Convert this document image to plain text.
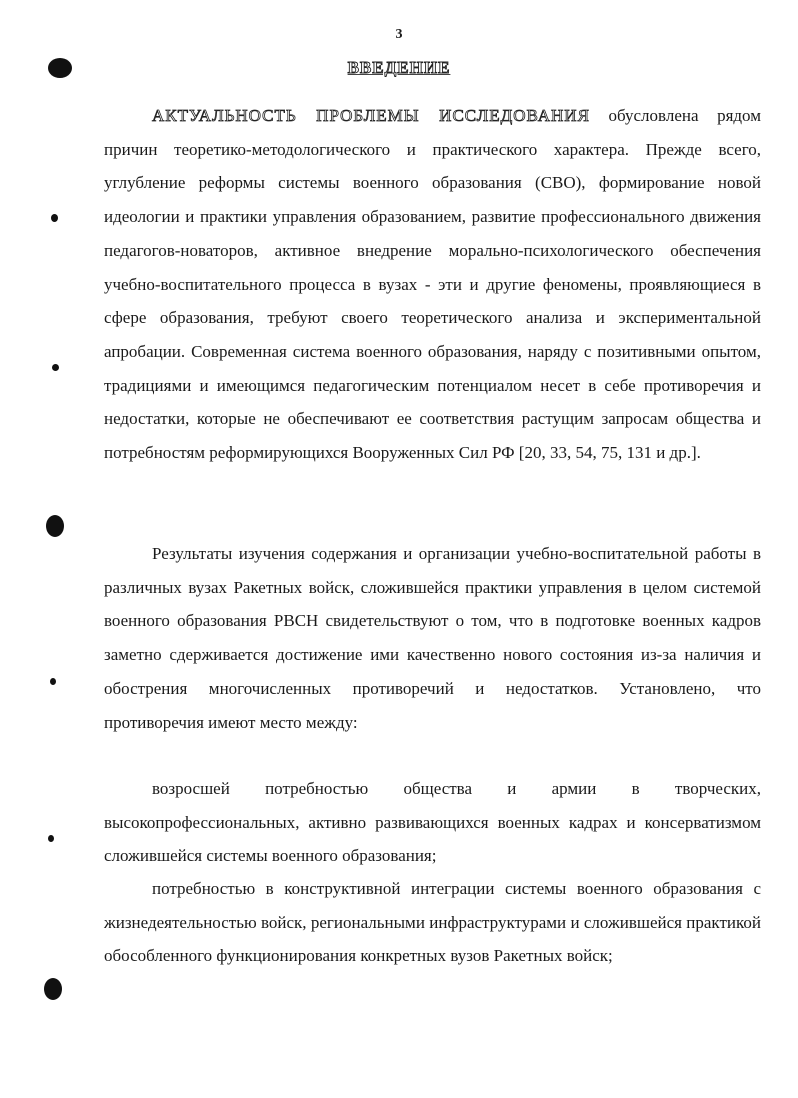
3
ВВЕДЕНИЕ

АКТУАЛЬНОСТЬ ПРОБЛЕМЫ ИССЛЕДОВАНИЯ обусловлена рядом причин теоретико-методологического и практического характера. Прежде всего, углубление реформы системы военного образования (СВО), формирование новой идеологии и практики управления образованием, развитие профессионального движения педагогов-новаторов, активное внедрение морально-психологического обеспечения учебно-воспитательного процесса в вузах - эти и другие феномены, проявляющиеся в сфере образования, требуют своего теоретического анализа и экспериментальной апробации. Современная система военного образования, наряду с позитивными опытом, традициями и имеющимся педагогическим потенциалом несет в себе противоречия и недостатки, которые не обеспечивают ее соответствия растущим запросам общества и потребностям реформирующихся Вооруженных Сил РФ [20, 33, 54, 75, 131 и др.].

Результаты изучения содержания и организации учебно-воспитательной работы в различных вузах Ракетных войск, сложившейся практики управления в целом системой военного образования РВСН свидетельствуют о том, что в подготовке военных кадров заметно сдерживается достижение ими качественно нового состояния из-за наличия и обострения многочисленных противоречий и недостатков. Установлено, что противоречия имеют место между:

возросшей потребностью общества и армии в творческих, высокопрофессиональных, активно развивающихся военных кадрах и консерватизмом сложившейся системы военного образования;

потребностью в конструктивной интеграции системы военного образования с жизнедеятельностью войск, региональными инфраструктурами и сложившейся практикой обособленного функционирования конкретных вузов Ракетных войск;
